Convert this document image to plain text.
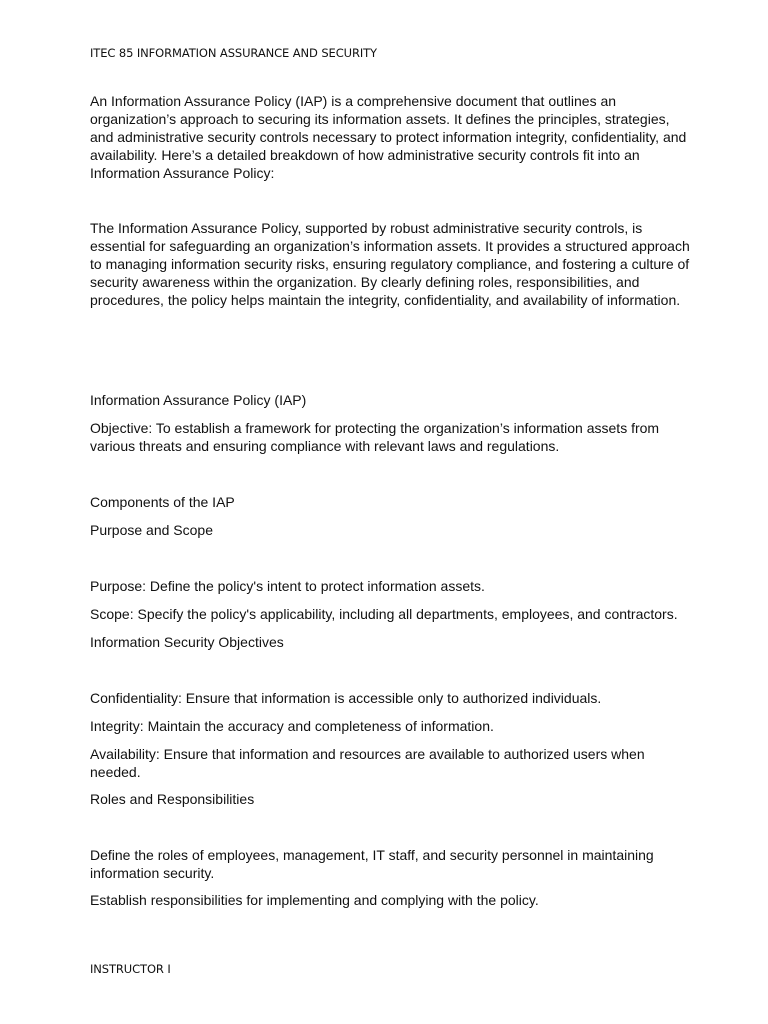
ITEC 85 INFORMATION ASSURANCE AND SECURITY

An Information Assurance Policy (IAP) is a comprehensive document that outlines an organization’s approach to securing its information assets. It defines the principles, strategies, and administrative security controls necessary to protect information integrity, confidentiality, and availability. Here’s a detailed breakdown of how administrative security controls fit into an Information Assurance Policy:

The Information Assurance Policy, supported by robust administrative security controls, is essential for safeguarding an organization’s information assets. It provides a structured approach to managing information security risks, ensuring regulatory compliance, and fostering a culture of security awareness within the organization. By clearly defining roles, responsibilities, and procedures, the policy helps maintain the integrity, confidentiality, and availability of information.

Information Assurance Policy (IAP)

Objective: To establish a framework for protecting the organization’s information assets from various threats and ensuring compliance with relevant laws and regulations.

Components of the IAP

Purpose and Scope

Purpose: Define the policy's intent to protect information assets.

Scope: Specify the policy's applicability, including all departments, employees, and contractors.

Information Security Objectives

Confidentiality: Ensure that information is accessible only to authorized individuals.

Integrity: Maintain the accuracy and completeness of information.

Availability: Ensure that information and resources are available to authorized users when needed.

Roles and Responsibilities

Define the roles of employees, management, IT staff, and security personnel in maintaining information security.

Establish responsibilities for implementing and complying with the policy.

INSTRUCTOR I
